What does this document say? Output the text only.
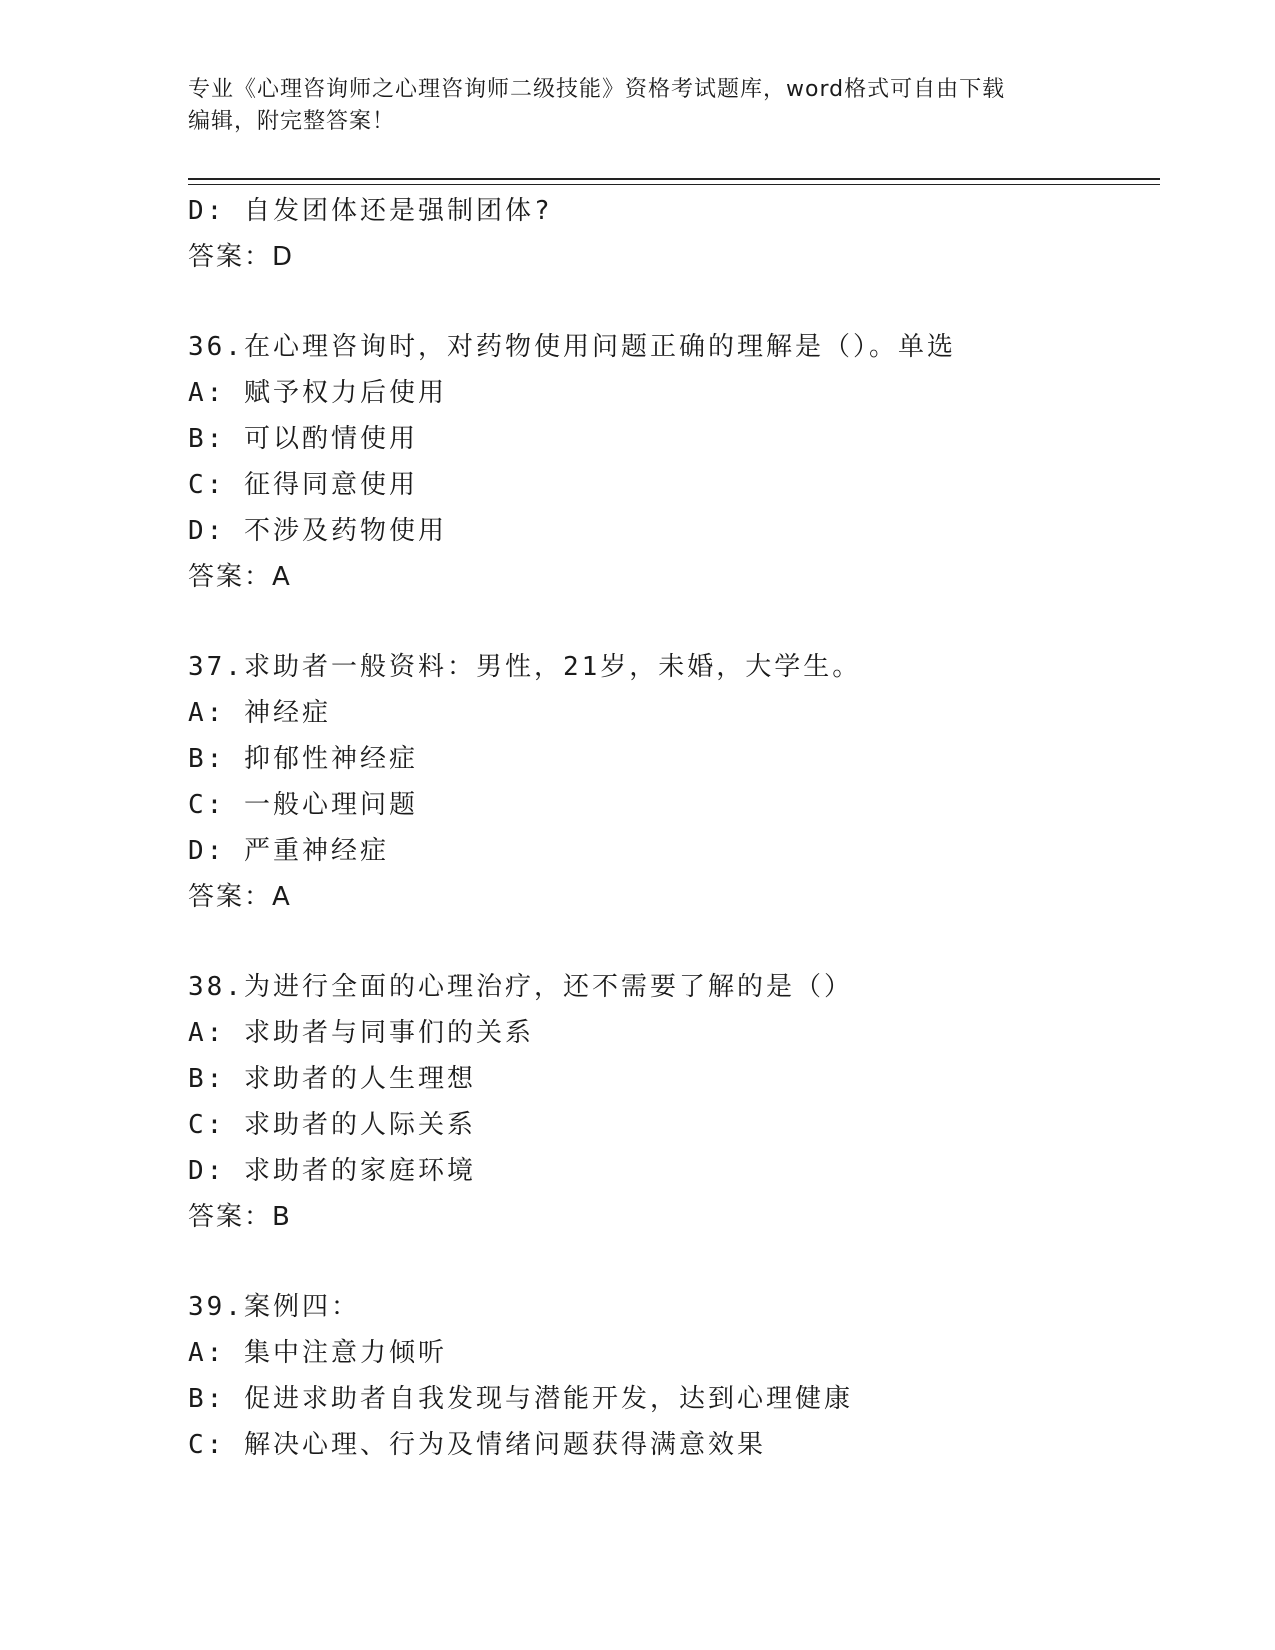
专业《心理咨询师之心理咨询师二级技能》资格考试题库，word格式可自由下载
编辑，附完整答案！
D: 自发团体还是强制团体?
答案：D
36.在心理咨询时，对药物使用问题正确的理解是（）。单选
A: 赋予权力后使用
B: 可以酌情使用
C: 征得同意使用
D: 不涉及药物使用
答案：A
37.求助者一般资料：男性，21岁，未婚，大学生。
A: 神经症
B: 抑郁性神经症
C: 一般心理问题
D: 严重神经症
答案：A
38.为进行全面的心理治疗，还不需要了解的是（）
A: 求助者与同事们的关系
B: 求助者的人生理想
C: 求助者的人际关系
D: 求助者的家庭环境
答案：B
39.案例四：
A: 集中注意力倾听
B: 促进求助者自我发现与潜能开发，达到心理健康
C: 解决心理、行为及情绪问题获得满意效果
